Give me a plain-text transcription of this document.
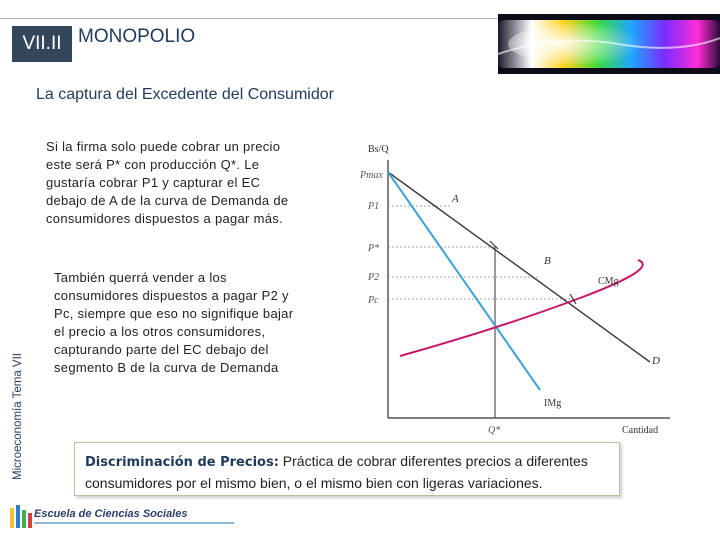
VII.II MONOPOLIO
La captura del Excedente del Consumidor
Microeconomía Tema VII
Si la firma solo puede cobrar un precio este será P* con producción Q*. Le gustaría cobrar P1 y capturar el EC debajo de A de la curva de Demanda de consumidores dispuestos a pagar más.
También querrá vender a los consumidores dispuestos a pagar P2 y Pc, siempre que eso no signifique bajar el precio a los otros consumidores, capturando parte del EC debajo del segmento B de la curva de Demanda
Bs/Q
Cantidad
Pmax
P1
P*
P2
Pc
Q*
A
B
D
CMg
IMg
Discriminación de Precios: Práctica de cobrar diferentes precios a diferentes consumidores por el mismo bien, o el mismo bien con ligeras variaciones.
Escuela de Ciencias Sociales
